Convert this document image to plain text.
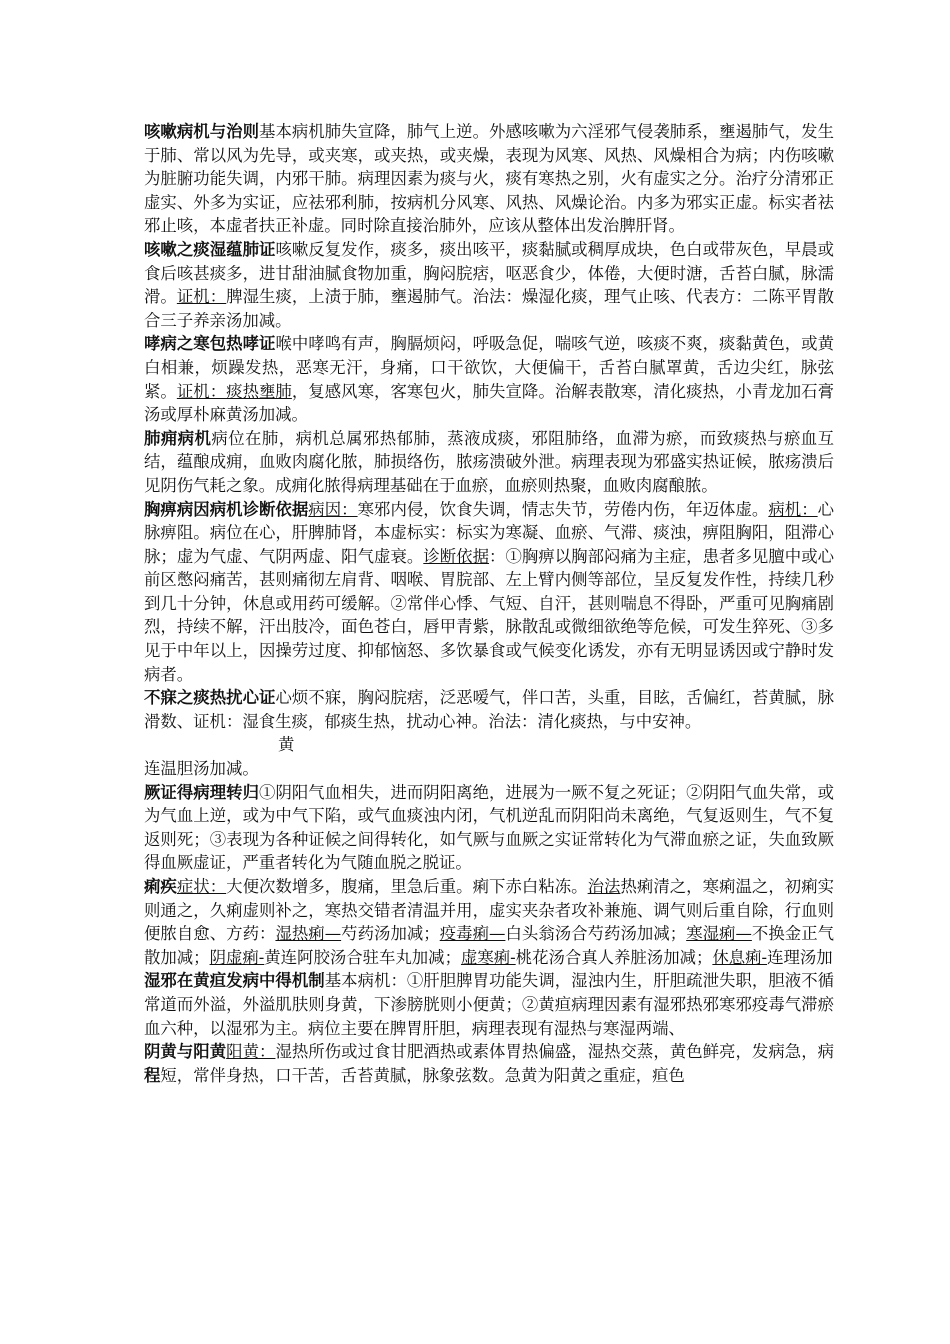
咳嗽病机与治则基本病机肺失宣降，肺气上逆。外感咳嗽为六淫邪气侵袭肺系，壅遏肺气，发生于肺、常以风为先导，或夹寒，或夹热，或夹燥，表现为风寒、风热、风燥相合为病；内伤咳嗽为脏腑功能失调，内邪干肺。病理因素为痰与火，痰有寒热之别，火有虚实之分。治疗分清邪正虚实、外多为实证，应祛邪利肺，按病机分风寒、风热、风燥论治。内多为邪实正虚。标实者祛邪止咳，本虚者扶正补虚。同时除直接治肺外，应该从整体出发治脾肝肾。

咳嗽之痰湿蕴肺证咳嗽反复发作，痰多，痰出咳平，痰黏腻或稠厚成块，色白或带灰色，早晨或食后咳甚痰多，进甘甜油腻食物加重，胸闷脘痞，呕恶食少，体倦，大便时溏，舌苔白腻，脉濡滑。证机：脾湿生痰，上渍于肺，壅遏肺气。治法：燥湿化痰，理气止咳、代表方：二陈平胃散合三子养亲汤加减。

哮病之寒包热哮证喉中哮鸣有声，胸膈烦闷，呼吸急促，喘咳气逆，咳痰不爽，痰黏黄色，或黄白相兼，烦躁发热，恶寒无汗，身痛，口干欲饮，大便偏干，舌苔白腻罩黄，舌边尖红，脉弦紧。证机：痰热壅肺，复感风寒，客寒包火，肺失宣降。治解表散寒，清化痰热，小青龙加石膏汤或厚朴麻黄汤加减。

肺痈病机病位在肺，病机总属邪热郁肺，蒸液成痰，邪阻肺络，血滞为瘀，而致痰热与瘀血互结，蕴酿成痈，血败肉腐化脓，肺损络伤，脓疡溃破外泄。病理表现为邪盛实热证候，脓疡溃后见阴伤气耗之象。成痈化脓得病理基础在于血瘀，血瘀则热聚，血败肉腐酿脓。

胸痹病因病机诊断依据病因：寒邪内侵，饮食失调，情志失节，劳倦内伤，年迈体虚。病机：心脉痹阻。病位在心，肝脾肺肾，本虚标实：标实为寒凝、血瘀、气滞、痰浊，痹阻胸阳，阻滞心脉；虚为气虚、气阴两虚、阳气虚衰。诊断依据：①胸痹以胸部闷痛为主症，患者多见膻中或心前区憋闷痛苦，甚则痛彻左肩背、咽喉、胃脘部、左上臂内侧等部位，呈反复发作性，持续几秒到几十分钟，休息或用药可缓解。②常伴心悸、气短、自汗，甚则喘息不得卧，严重可见胸痛剧烈，持续不解，汗出肢冷，面色苍白，唇甲青紫，脉散乱或微细欲绝等危候，可发生猝死、③多见于中年以上，因操劳过度、抑郁恼怒、多饮暴食或气候变化诱发，亦有无明显诱因或宁静时发病者。

不寐之痰热扰心证心烦不寐，胸闷脘痞，泛恶嗳气，伴口苦，头重，目眩，舌偏红，苔黄腻，脉滑数、证机：湿食生痰，郁痰生热，扰动心神。治法：清化痰热，与中安神。

黄

连温胆汤加减。

厥证得病理转归①阴阳气血相失，进而阴阳离绝，进展为一厥不复之死证；②阴阳气血失常，或为气血上逆，或为中气下陷，或气血痰浊内闭，气机逆乱而阴阳尚未离绝，气复返则生，气不复返则死；③表现为各种证候之间得转化，如气厥与血厥之实证常转化为气滞血瘀之证，失血致厥得血厥虚证，严重者转化为气随血脱之脱证。

痢疾症状：大便次数增多，腹痛，里急后重。痢下赤白粘冻。治法热痢清之，寒痢温之，初痢实则通之，久痢虚则补之，寒热交错者清温并用，虚实夹杂者攻补兼施、调气则后重自除，行血则便脓自愈、方药：湿热痢—芍药汤加减；疫毒痢—白头翁汤合芍药汤加减；寒湿痢—不换金正气散加减；阴虚痢-黄连阿胶汤合驻车丸加减；虚寒痢-桃花汤合真人养脏汤加减；休息痢-连理汤加

湿邪在黄疸发病中得机制基本病机：①肝胆脾胃功能失调，湿浊内生，肝胆疏泄失职，胆液不循常道而外溢，外溢肌肤则身黄，下渗膀胱则小便黄；②黄疸病理因素有湿邪热邪寒邪疫毒气滞瘀血六种，以湿邪为主。病位主要在脾胃肝胆，病理表现有湿热与寒湿两端、

阴黄与阳黄阳黄：湿热所伤或过食甘肥酒热或素体胃热偏盛，湿热交蒸，黄色鲜亮，发病急，病程短，常伴身热，口干苦，舌苔黄腻，脉象弦数。急黄为阳黄之重症，疸色
